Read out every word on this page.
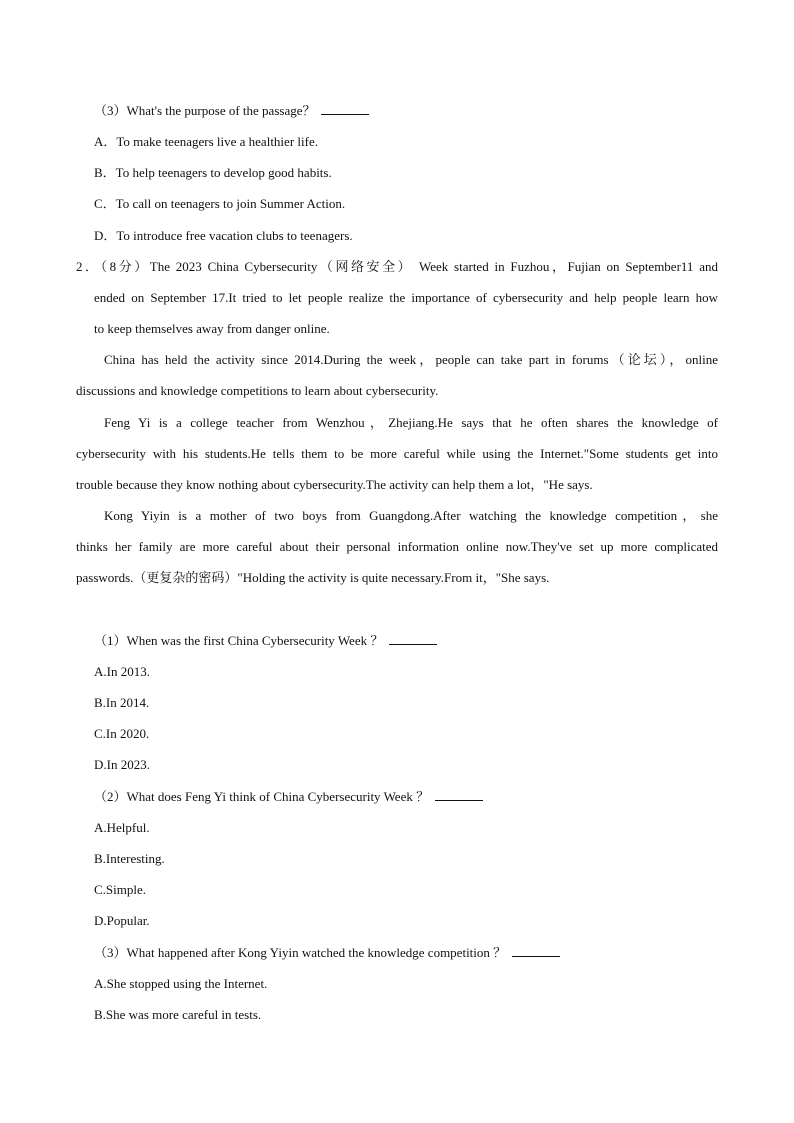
（3）What's the purpose of the passage？
A．To make teenagers live a healthier life.
B．To help teenagers to develop good habits.
C．To call on teenagers to join Summer Action.
D．To introduce free vacation clubs to teenagers.
2．（8分）The 2023 China Cybersecurity（网络安全） Week started in Fuzhou，Fujian on September11 and
ended on September 17.It tried to let people realize the importance of cybersecurity and help people learn how
to keep themselves away from danger online.
China has held the activity since 2014.During the week，people can take part in forums（论坛），online
discussions and knowledge competitions to learn about cybersecurity.
Feng Yi is a college teacher from Wenzhou，Zhejiang.He says that he often shares the knowledge of
cybersecurity with his students.He tells them to be more careful while using the Internet."Some students get into
trouble because they know nothing about cybersecurity.The activity can help them a lot，"He says.
Kong Yiyin is a mother of two boys from Guangdong.After watching the knowledge competition，she
thinks her family are more careful about their personal information online now.They've set up more complicated
passwords.（更复杂的密码）"Holding the activity is quite necessary.From it，"She says.
（1）When was the first China Cybersecurity Week ？
A.In 2013.
B.In 2014.
C.In 2020.
D.In 2023.
（2）What does Feng Yi think of China Cybersecurity Week ？
A.Helpful.
B.Interesting.
C.Simple.
D.Popular.
（3）What happened after Kong Yiyin watched the knowledge competition ？
A.She stopped using the Internet.
B.She was more careful in tests.
